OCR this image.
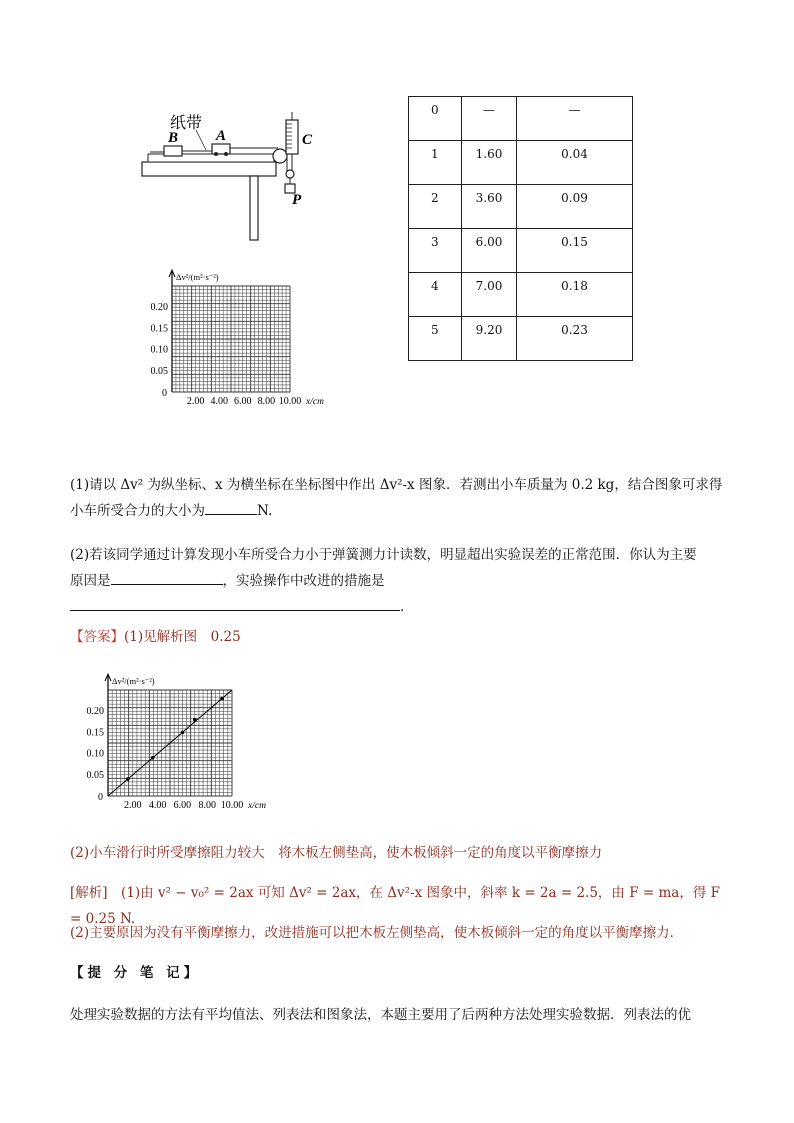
纸带
B	A	C
P
0	—	—
1	1.60	0.04
2	3.60	0.09
3	6.00	0.15
4	7.00	0.18
5	9.20	0.23
Δv²/(m²·s⁻²)
0.20
0.15
0.10
0.05
0
2.00 4.00 6.00 8.00 10.00 x/cm
(1)请以 Δv² 为纵坐标、x 为横坐标在坐标图中作出 Δv²-x 图象．若测出小车质量为 0.2 kg，结合图象可求得
小车所受合力的大小为	N.
(2)若该同学通过计算发现小车所受合力小于弹簧测力计读数，明显超出实验误差的正常范围．你认为主要
原因是	，实验操作中改进的措施是
.
【答案】(1)见解析图　0.25
Δv²/(m²·s⁻²)
0.20
0.15
0.10
0.05
0
2.00 4.00 6.00 8.00 10.00 x/cm
(2)小车滑行时所受摩擦阻力较大　将木板左侧垫高，使木板倾斜一定的角度以平衡摩擦力
[解析]　 (1)由 v² − v₀² = 2ax 可知 Δv² = 2ax，在 Δv²-x 图象中，斜率 k = 2a = 2.5，由 F = ma，得 F = 0.25 N.
(2)主要原因为没有平衡摩擦力，改进措施可以把木板左侧垫高，使木板倾斜一定的角度以平衡摩擦力．
【提 分 笔 记】
处理实验数据的方法有平均值法、列表法和图象法，本题主要用了后两种方法处理实验数据．列表法的优
